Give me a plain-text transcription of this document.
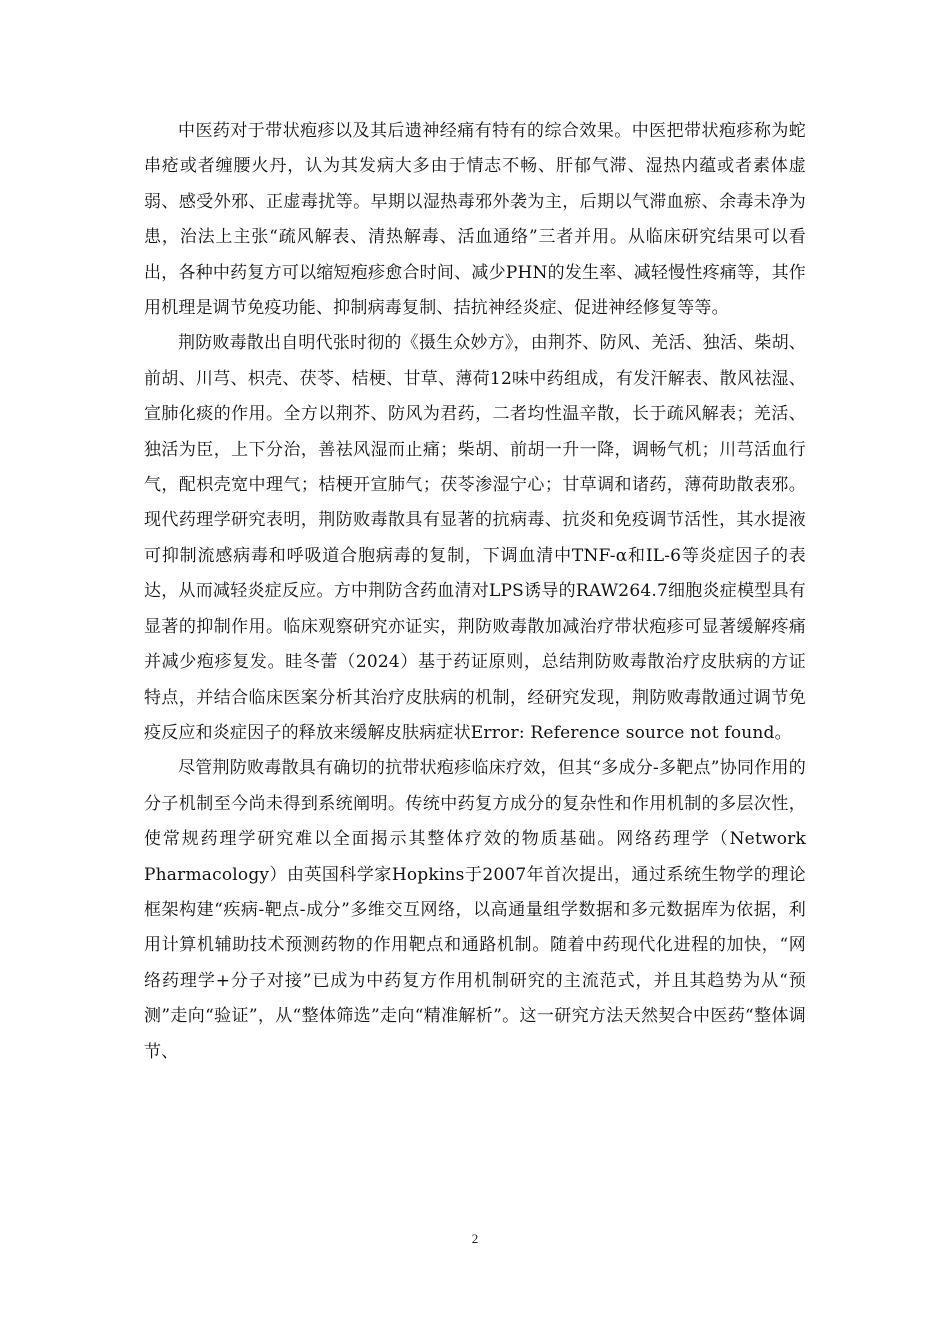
中医药对于带状疱疹以及其后遗神经痛有特有的综合效果。中医把带状疱疹称为蛇串疮或者缠腰火丹，认为其发病大多由于情志不畅、肝郁气滞、湿热内蕴或者素体虚弱、感受外邪、正虚毒扰等。早期以湿热毒邪外袭为主，后期以气滞血瘀、余毒未净为患，治法上主张“疏风解表、清热解毒、活血通络”三者并用。从临床研究结果可以看出，各种中药复方可以缩短疱疹愈合时间、减少PHN的发生率、减轻慢性疼痛等，其作用机理是调节免疫功能、抑制病毒复制、拮抗神经炎症、促进神经修复等等。

荆防败毒散出自明代张时彻的《摄生众妙方》，由荆芥、防风、羌活、独活、柴胡、前胡、川芎、枳壳、茯苓、桔梗、甘草、薄荷12味中药组成，有发汗解表、散风祛湿、宣肺化痰的作用。全方以荆芥、防风为君药，二者均性温辛散，长于疏风解表；羌活、独活为臣，上下分治，善祛风湿而止痛；柴胡、前胡一升一降，调畅气机；川芎活血行气，配枳壳宽中理气；桔梗开宣肺气；茯苓渗湿宁心；甘草调和诸药，薄荷助散表邪。现代药理学研究表明，荆防败毒散具有显著的抗病毒、抗炎和免疫调节活性，其水提液可抑制流感病毒和呼吸道合胞病毒的复制，下调血清中TNF-α和IL-6等炎症因子的表达，从而减轻炎症反应。方中荆防含药血清对LPS诱导的RAW264.7细胞炎症模型具有显著的抑制作用。临床观察研究亦证实，荆防败毒散加减治疗带状疱疹可显著缓解疼痛并减少疱疹复发。眭冬蕾（2024）基于药证原则，总结荆防败毒散治疗皮肤病的方证特点，并结合临床医案分析其治疗皮肤病的机制，经研究发现，荆防败毒散通过调节免疫反应和炎症因子的释放来缓解皮肤病症状Error: Reference source not found。

尽管荆防败毒散具有确切的抗带状疱疹临床疗效，但其“多成分-多靶点”协同作用的分子机制至今尚未得到系统阐明。传统中药复方成分的复杂性和作用机制的多层次性，使常规药理学研究难以全面揭示其整体疗效的物质基础。网络药理学（Network Pharmacology）由英国科学家Hopkins于2007年首次提出，通过系统生物学的理论框架构建“疾病-靶点-成分”多维交互网络，以高通量组学数据和多元数据库为依据，利用计算机辅助技术预测药物的作用靶点和通路机制。随着中药现代化进程的加快，“网络药理学+分子对接”已成为中药复方作用机制研究的主流范式，并且其趋势为从“预测”走向“验证”，从“整体筛选”走向“精准解析”。这一研究方法天然契合中医药“整体调节、

2
